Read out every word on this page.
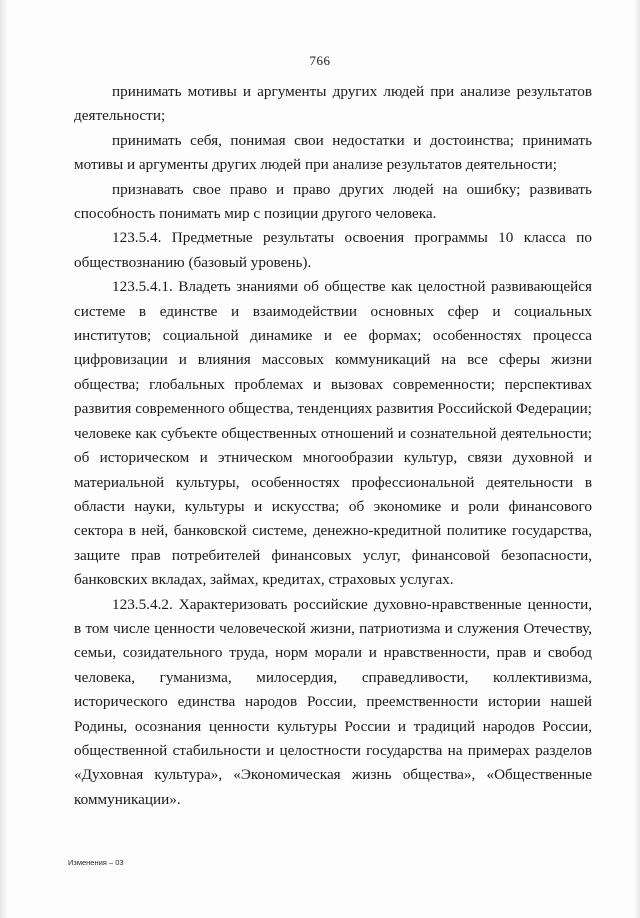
766

принимать мотивы и аргументы других людей при анализе результатов деятельности;

принимать себя, понимая свои недостатки и достоинства; принимать мотивы и аргументы других людей при анализе результатов деятельности;

признавать свое право и право других людей на ошибку; развивать способность понимать мир с позиции другого человека.

123.5.4. Предметные результаты освоения программы 10 класса по обществознанию (базовый уровень).

123.5.4.1. Владеть знаниями об обществе как целостной развивающейся системе в единстве и взаимодействии основных сфер и социальных институтов; социальной динамике и ее формах; особенностях процесса цифровизации и влияния массовых коммуникаций на все сферы жизни общества; глобальных проблемах и вызовах современности; перспективах развития современного общества, тенденциях развития Российской Федерации; человеке как субъекте общественных отношений и сознательной деятельности; об историческом и этническом многообразии культур, связи духовной и материальной культуры, особенностях профессиональной деятельности в области науки, культуры и искусства; об экономике и роли финансового сектора в ней, банковской системе, денежно-кредитной политике государства, защите прав потребителей финансовых услуг, финансовой безопасности, банковских вкладах, займах, кредитах, страховых услугах.

123.5.4.2. Характеризовать российские духовно-нравственные ценности, в том числе ценности человеческой жизни, патриотизма и служения Отечеству, семьи, созидательного труда, норм морали и нравственности, прав и свобод человека, гуманизма, милосердия, справедливости, коллективизма, исторического единства народов России, преемственности истории нашей Родины, осознания ценности культуры России и традиций народов России, общественной стабильности и целостности государства на примерах разделов «Духовная культура», «Экономическая жизнь общества», «Общественные коммуникации».

Изменения – 03
